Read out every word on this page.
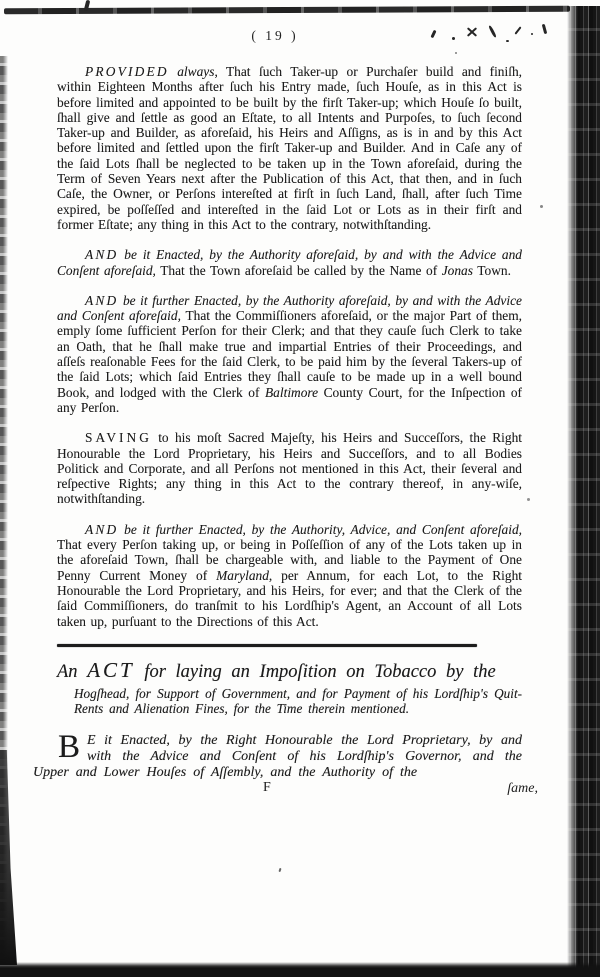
( 19 )

PROVIDED always, That ſuch Taker-up or Purchaſer build and finiſh, within Eighteen Months after ſuch his Entry made, ſuch Houſe, as in this Act is before limited and appointed to be built by the firſt Taker-up; which Houſe ſo built, ſhall give and ſettle as good an Eſtate, to all Intents and Purpoſes, to ſuch ſecond Taker-up and Builder, as aforeſaid, his Heirs and Aſſigns, as is in and by this Act before limited and ſettled upon the firſt Taker-up and Builder. And in Caſe any of the ſaid Lots ſhall be neglected to be taken up in the Town aforeſaid, during the Term of Seven Years next after the Publication of this Act, that then, and in ſuch Caſe, the Owner, or Perſons intereſted at firſt in ſuch Land, ſhall, after ſuch Time expired, be poſſeſſed and intereſted in the ſaid Lot or Lots as in their firſt and former Eſtate; any thing in this Act to the contrary, notwithſtanding.

AND be it Enacted, by the Authority aforeſaid, by and with the Advice and Conſent aforeſaid, That the Town aforeſaid be called by the Name of Jonas Town.

AND be it further Enacted, by the Authority aforeſaid, by and with the Advice and Conſent aforeſaid, That the Commiſſioners aforeſaid, or the major Part of them, emply ſome ſufficient Perſon for their Clerk; and that they cauſe ſuch Clerk to take an Oath, that he ſhall make true and impartial Entries of their Proceedings, and aſſeſs reaſonable Fees for the ſaid Clerk, to be paid him by the ſeveral Takers-up of the ſaid Lots; which ſaid Entries they ſhall cauſe to be made up in a well bound Book, and lodged with the Clerk of Baltimore County Court, for the Inſpection of any Perſon.

SAVING to his moſt Sacred Majeſty, his Heirs and Succeſſors, the Right Honourable the Lord Proprietary, his Heirs and Succeſſors, and to all Bodies Politick and Corporate, and all Perſons not mentioned in this Act, their ſeveral and reſpective Rights; any thing in this Act to the contrary thereof, in any-wiſe, notwithſtanding.

AND be it further Enacted, by the Authority, Advice, and Conſent aforeſaid, That every Perſon taking up, or being in Poſſeſſion of any of the Lots taken up in the aforeſaid Town, ſhall be chargeable with, and liable to the Payment of One Penny Current Money of Maryland, per Annum, for each Lot, to the Right Honourable the Lord Proprietary, and his Heirs, for ever; and that the Clerk of the ſaid Commiſſioners, do tranſmit to his Lordſhip's Agent, an Account of all Lots taken up, purſuant to the Directions of this Act.

An ACT for laying an Impoſition on Tobacco by the

Hogſhead, for Support of Government, and for Payment of his Lordſhip's Quit-Rents and Alienation Fines, for the Time therein mentioned.

B E it Enacted, by the Right Honourable the Lord Proprietary, by and with the Advice and Conſent of his Lordſhip's Governor, and the Upper and Lower Houſes of Aſſembly, and the Authority of the

F	ſame,
